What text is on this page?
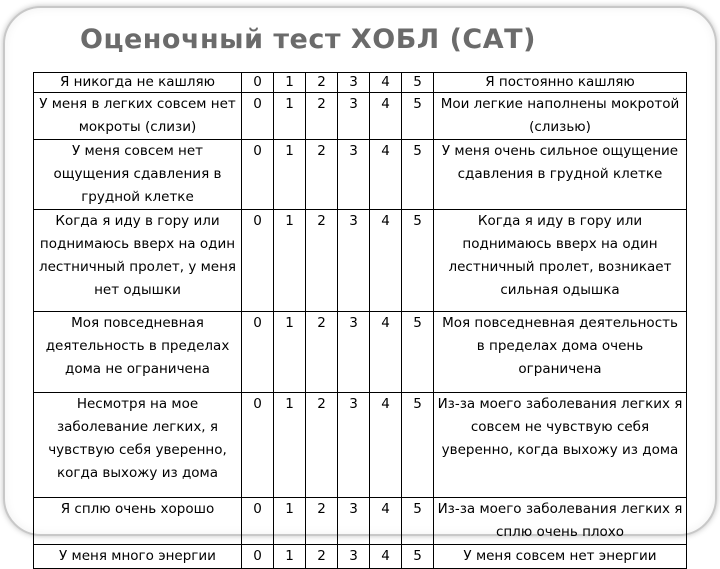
Оценочный тест ХОБЛ (САТ)
Я никогда не кашляю	0	1	2	3	4	5	Я постоянно кашляю
У меня в легких совсем нет мокроты (слизи)	0	1	2	3	4	5	Мои легкие наполнены мокротой (слизью)
У меня совсем нет ощущения сдавления в грудной клетке	0	1	2	3	4	5	У меня очень сильное ощущение сдавления в грудной клетке
Когда я иду в гору или поднимаюсь вверх на один лестничный пролет, у меня нет одышки	0	1	2	3	4	5	Когда я иду в гору или поднимаюсь вверх на один лестничный пролет, возникает сильная одышка
Моя повседневная деятельность в пределах дома не ограничена	0	1	2	3	4	5	Моя повседневная деятельность в пределах дома очень ограничена
Несмотря на мое заболевание легких, я чувствую себя уверенно, когда выхожу из дома	0	1	2	3	4	5	Из-за моего заболевания легких я совсем не чувствую себя уверенно, когда выхожу из дома
Я сплю очень хорошо	0	1	2	3	4	5	Из-за моего заболевания легких я сплю очень плохо
У меня много энергии	0	1	2	3	4	5	У меня совсем нет энергии
